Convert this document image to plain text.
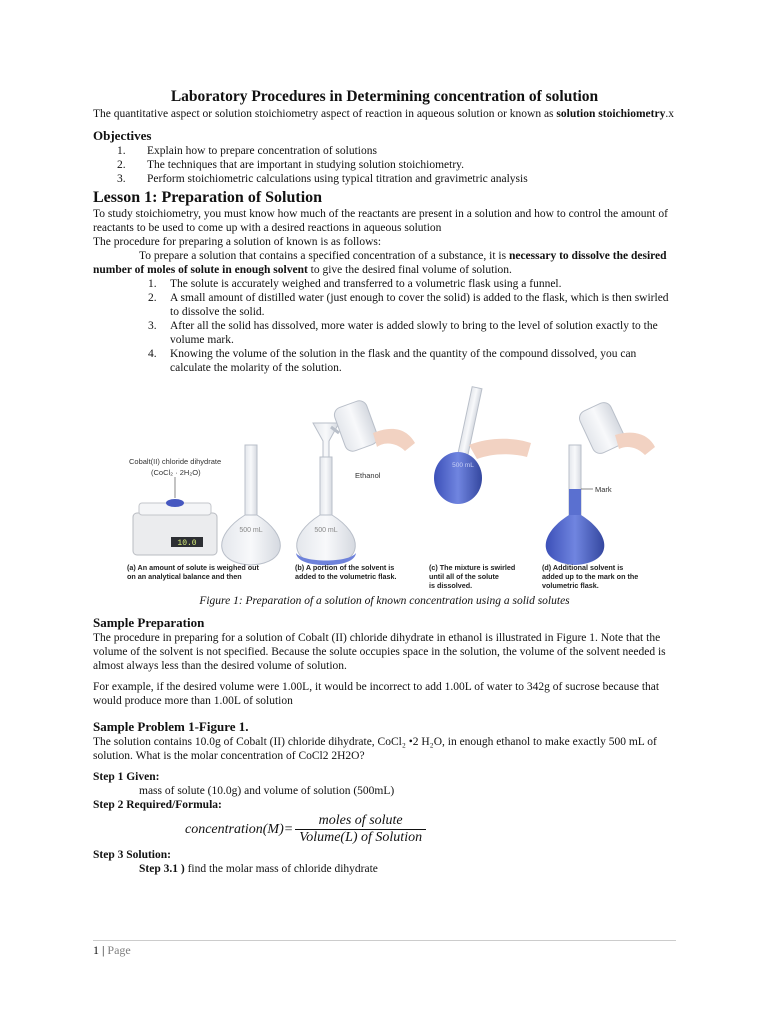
Laboratory Procedures in Determining concentration of solution

The quantitative aspect or solution stoichiometry aspect of reaction in aqueous solution or known as solution stoichiometry.x

Objectives

1.	Explain how to prepare concentration of solutions
2.	The techniques that are important in studying solution stoichiometry.
3.	Perform stoichiometric calculations using typical titration and gravimetric analysis

Lesson 1: Preparation of Solution

To study stoichiometry, you must know how much of the reactants are present in a solution and how to control the amount of reactants to be used to come up with a desired reactions in aqueous solution

The procedure for preparing a solution of known is as follows:

To prepare a solution that contains a specified concentration of a substance, it is necessary to dissolve the desired number of moles of solute in enough solvent to give the desired final volume of solution.

1.	The solute is accurately weighed and transferred to a volumetric flask using a funnel.
2.	A small amount of distilled water (just enough to cover the solid) is added to the flask, which is then swirled to dissolve the solid.
3.	After all the solid has dissolved, more water is added slowly to bring to the level of solution exactly to the volume mark.
4.	Knowing the volume of the solution in the flask and the quantity of the compound dissolved, you can calculate the molarity of the solution.
10.0
Cobalt(II) chloride dihydrate
(CoCl₂ · 2H₂O)
500 mL	500 mL
Ethanol
500 mL
Mark
(a) An amount of solute is weighed out
on an analytical balance and then
(b) A portion of the solvent is
added to the volumetric flask.
(c) The mixture is swirled
until all of the solute
is dissolved.
(d) Additional solvent is
added up to the mark on the
volumetric flask.

Figure 1: Preparation of a solution of known concentration using a solid solutes

Sample Preparation

The procedure in preparing for a solution of Cobalt (II) chloride dihydrate in ethanol is illustrated in Figure 1. Note that the volume of the solvent is not specified. Because the solute occupies space in the solution, the volume of the solvent needed is almost always less than the desired volume of solution.

For example, if the desired volume were 1.00L, it would be incorrect to add 1.00L of water to 342g of sucrose because that would produce more than 1.00L of solution

Sample Problem 1-Figure 1.

The solution contains 10.0g of Cobalt (II) chloride dihydrate, CoCl₂ •2 H₂O, in enough ethanol to make exactly 500 mL of solution. What is the molar concentration of CoCl2 2H2O?

Step 1 Given:

mass of solute (10.0g) and volume of solution (500mL)

Step 2 Required/Formula:

concentration(M)= $\frac{\text{moles of solute}}{\text{Volume(L) of Solution}}$

Step 3 Solution:

Step 3.1 ) find the molar mass of chloride dihydrate

1 | Page
